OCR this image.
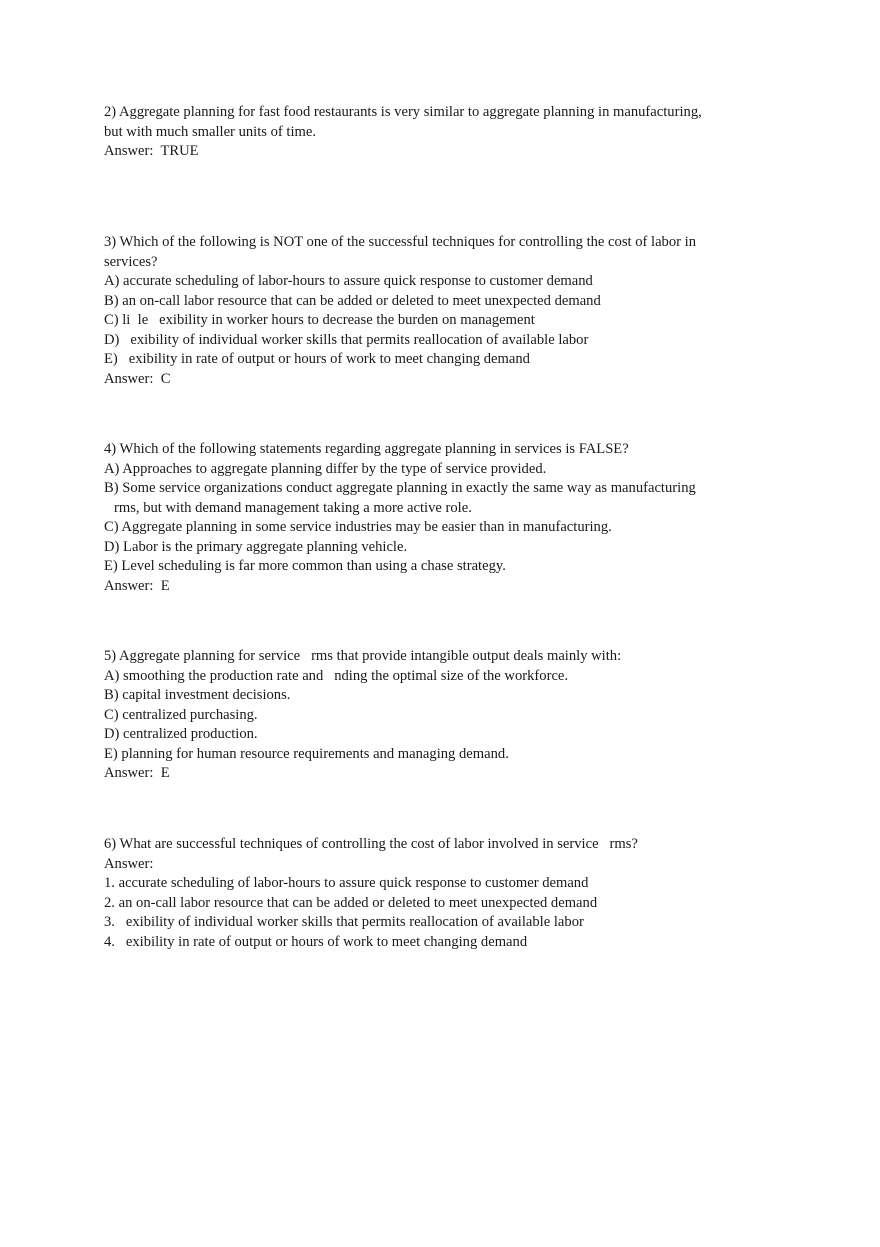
2) Aggregate planning for fast food restaurants is very similar to aggregate planning in manufacturing,
but with much smaller units of time.
Answer:  TRUE
3) Which of the following is NOT one of the successful techniques for controlling the cost of labor in
services?
A) accurate scheduling of labor-hours to assure quick response to customer demand
B) an on-call labor resource that can be added or deleted to meet unexpected demand
C) li  le   exibility in worker hours to decrease the burden on management
D)   exibility of individual worker skills that permits reallocation of available labor
E)   exibility in rate of output or hours of work to meet changing demand
Answer:  C
4) Which of the following statements regarding aggregate planning in services is FALSE?
A) Approaches to aggregate planning differ by the type of service provided.
B) Some service organizations conduct aggregate planning in exactly the same way as manufacturing
rms, but with demand management taking a more active role.
C) Aggregate planning in some service industries may be easier than in manufacturing.
D) Labor is the primary aggregate planning vehicle.
E) Level scheduling is far more common than using a chase strategy.
Answer:  E
5) Aggregate planning for service   rms that provide intangible output deals mainly with:
A) smoothing the production rate and   nding the optimal size of the workforce.
B) capital investment decisions.
C) centralized purchasing.
D) centralized production.
E) planning for human resource requirements and managing demand.
Answer:  E
6) What are successful techniques of controlling the cost of labor involved in service   rms?
Answer:
1. accurate scheduling of labor-hours to assure quick response to customer demand
2. an on-call labor resource that can be added or deleted to meet unexpected demand
3.   exibility of individual worker skills that permits reallocation of available labor
4.   exibility in rate of output or hours of work to meet changing demand
